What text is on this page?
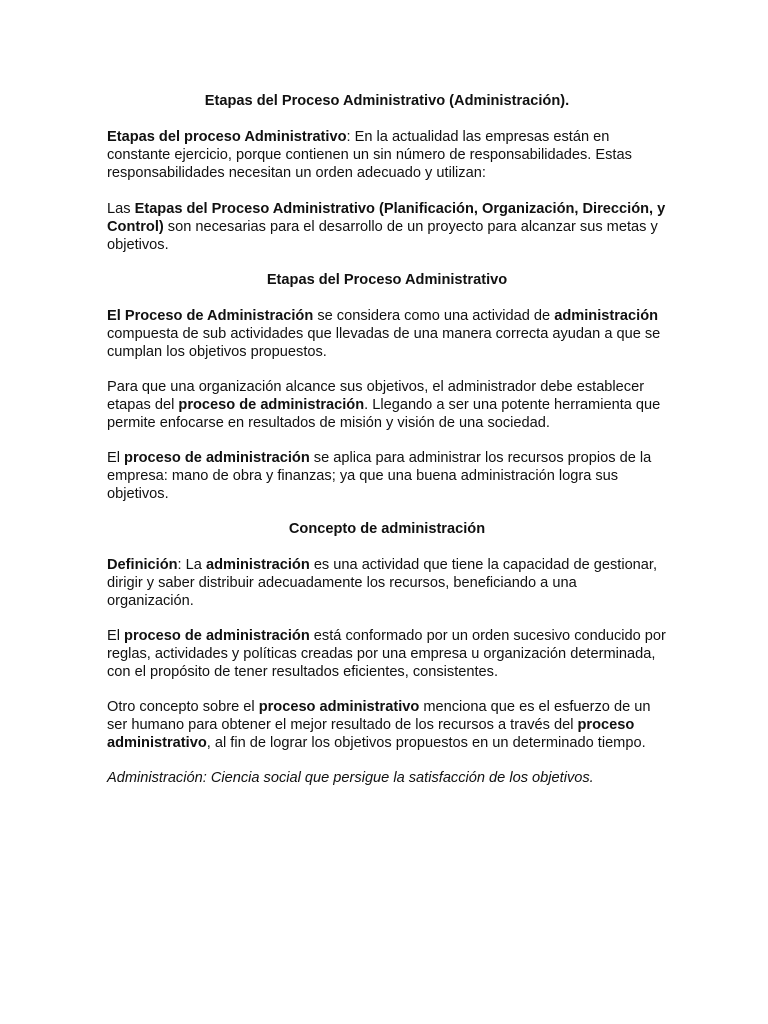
Etapas del Proceso Administrativo (Administración).

Etapas del proceso Administrativo: En la actualidad las empresas están en constante ejercicio, porque contienen un sin número de responsabilidades. Estas responsabilidades necesitan un orden adecuado y utilizan:

Las Etapas del Proceso Administrativo (Planificación, Organización, Dirección, y Control) son necesarias para el desarrollo de un proyecto para alcanzar sus metas y objetivos.

Etapas del Proceso Administrativo

El Proceso de Administración se considera como una actividad de administración compuesta de sub actividades que llevadas de una manera correcta ayudan a que se cumplan los objetivos propuestos.

Para que una organización alcance sus objetivos, el administrador debe establecer etapas del proceso de administración. Llegando a ser una potente herramienta que permite enfocarse en resultados de misión y visión de una sociedad.

El proceso de administración se aplica para administrar los recursos propios de la empresa: mano de obra y finanzas; ya que una buena administración logra sus objetivos.

Concepto de administración

Definición: La administración es una actividad que tiene la capacidad de gestionar, dirigir y saber distribuir adecuadamente los recursos, beneficiando a una organización.

El proceso de administración está conformado por un orden sucesivo conducido por reglas, actividades y políticas creadas por una empresa u organización determinada, con el propósito de tener resultados eficientes, consistentes.

Otro concepto sobre el proceso administrativo menciona que es el esfuerzo de un ser humano para obtener el mejor resultado de los recursos a través del proceso administrativo, al fin de lograr los objetivos propuestos en un determinado tiempo.

Administración: Ciencia social que persigue la satisfacción de los objetivos.
